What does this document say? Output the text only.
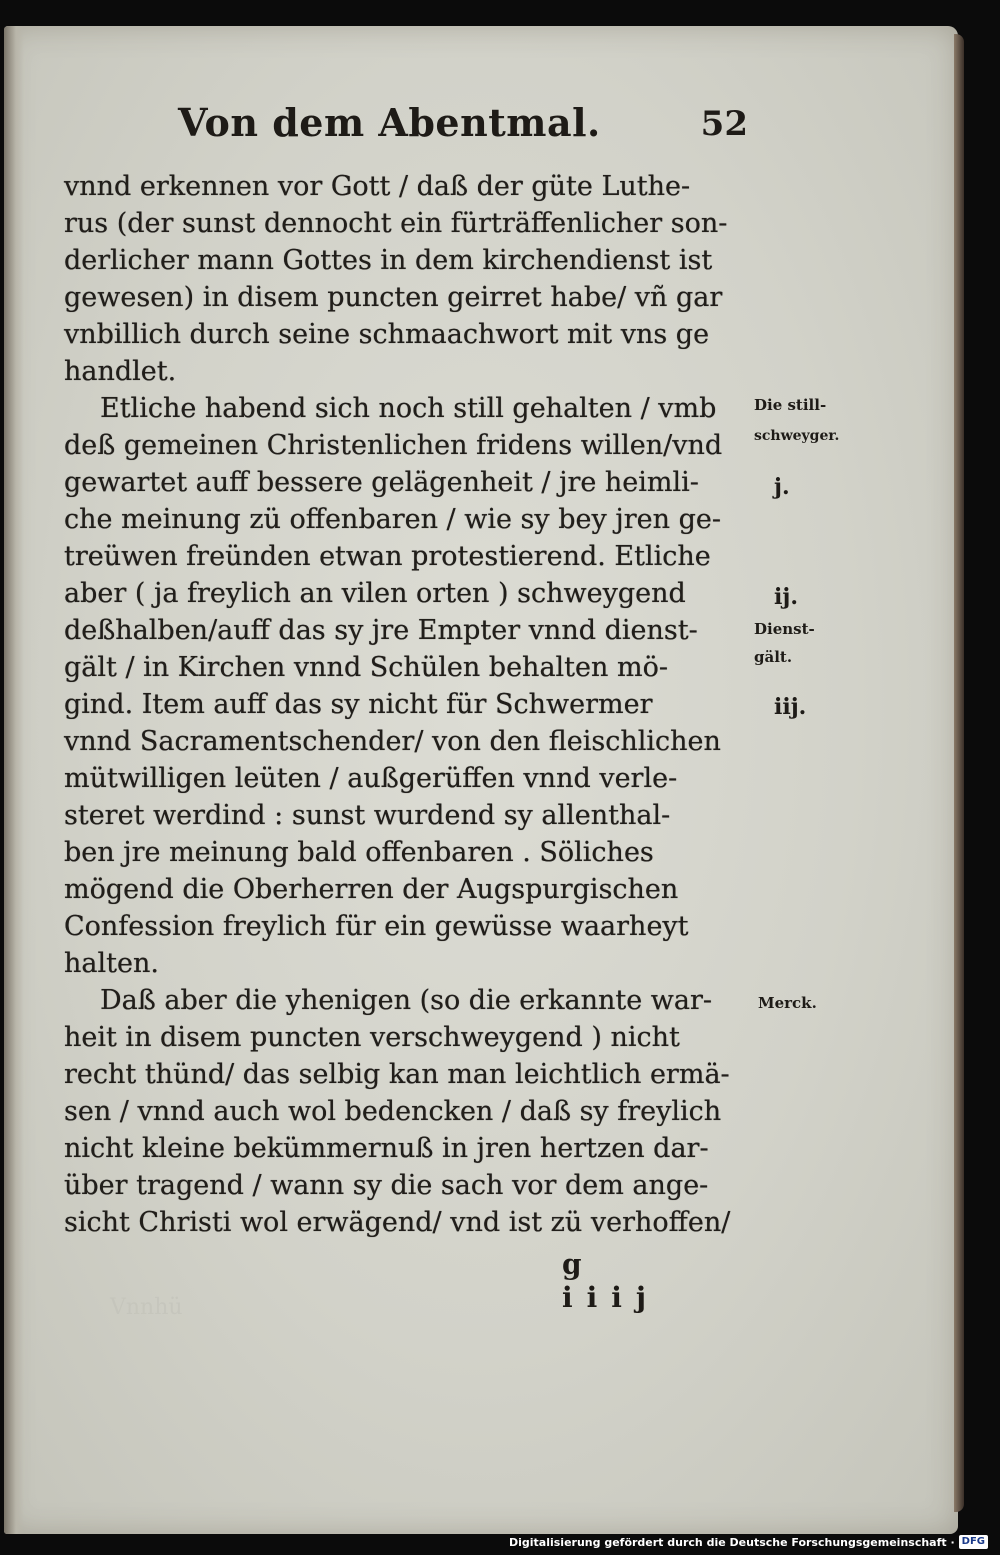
Von dem Abentmal.	52
vnnd erkennen vor Gott / daß der güte Luthe-
rus (der sunst dennocht ein fürträffenlicher son-
derlicher mann Gottes in dem kirchendienst ist
gewesen) in disem puncten geirret habe/ vñ gar
vnbillich durch seine schmaachwort mit vns ge
handlet.
Etliche habend sich noch still gehalten / vmb
deß gemeinen Christenlichen fridens willen/vnd
gewartet auff bessere gelägenheit / jre heimli-
che meinung zü offenbaren / wie sy bey jren ge-
treüwen freünden etwan protestierend. Etliche
aber ( ja freylich an vilen orten ) schweygend
deßhalben/auff das sy jre Empter vnnd dienst-
gält / in Kirchen vnnd Schülen behalten mö-
gind. Item auff das sy nicht für Schwermer
vnnd Sacramentschender/ von den fleischlichen
mütwilligen leüten / außgerüffen vnnd verle-
steret werdind : sunst wurdend sy allenthal-
ben jre meinung bald offenbaren . Söliches
mögend die Oberherren der Augspurgischen
Confession freylich für ein gewüsse waarheyt
halten.
Daß aber die yhenigen (so die erkannte war-
heit in disem puncten verschweygend ) nicht
recht thünd/ das selbig kan man leichtlich ermä-
sen / vnnd auch wol bedencken / daß sy freylich
nicht kleine bekümmernuß in jren hertzen dar-
über tragend / wann sy die sach vor dem ange-
sicht Christi wol erwägend/ vnd ist zü verhoffen/
Die still-
schweyger.
j.
ij.
Dienst-
gält.
iij.
Merck.
g iiij
Vnnhü
Digitalisierung gefördert durch die Deutsche Forschungsgemeinschaft · DFG
